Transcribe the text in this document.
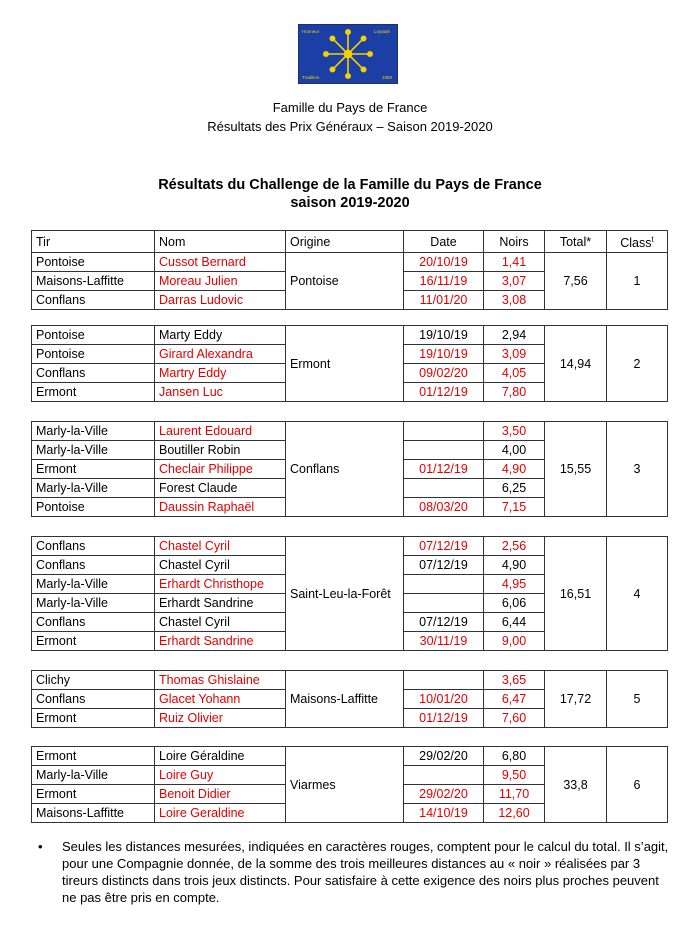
Honneur	Loyauté
Tradition	1959
Famille du Pays de France
Résultats des Prix Généraux – Saison 2019-2020
Résultats du Challenge de la Famille du Pays de France
saison 2019-2020
Tir	Nom	Origine	Date	Noirs	Total*	Class$^t$
Pontoise	Cussot Bernard	Pontoise	20/10/19	1,41	7,56	1
Maisons-Laffitte	Moreau Julien		16/11/19	3,07		
Conflans	Darras Ludovic		11/01/20	3,08		
Pontoise	Marty Eddy	Ermont	19/10/19	2,94	14,94	2
Pontoise	Girard Alexandra		19/10/19	3,09		
Conflans	Martry Eddy		09/02/20	4,05		
Ermont	Jansen Luc		01/12/19	7,80		
Marly-la-Ville	Laurent Edouard	Conflans		3,50	15,55	3
Marly-la-Ville	Boutiller Robin			4,00		
Ermont	Checlair Philippe		01/12/19	4,90		
Marly-la-Ville	Forest Claude			6,25		
Pontoise	Daussin Raphaël		08/03/20	7,15		
Conflans	Chastel Cyril	Saint-Leu-la-Forêt	07/12/19	2,56	16,51	4
Conflans	Chastel Cyril		07/12/19	4,90		
Marly-la-Ville	Erhardt Christhope			4,95		
Marly-la-Ville	Erhardt Sandrine			6,06		
Conflans	Chastel Cyril		07/12/19	6,44		
Ermont	Erhardt Sandrine		30/11/19	9,00		
Clichy	Thomas Ghislaine	Maisons-Laffitte		3,65	17,72	5
Conflans	Glacet Yohann		10/01/20	6,47		
Ermont	Ruiz Olivier		01/12/19	7,60		
Ermont	Loire Géraldine	Viarmes	29/02/20	6,80	33,8	6
Marly-la-Ville	Loire Guy			9,50		
Ermont	Benoit Didier		29/02/20	11,70		
Maisons-Laffitte	Loire Geraldine		14/10/19	12,60		
• Seules les distances mesurées, indiquées en caractères rouges, comptent pour le calcul du total. Il s’agit, pour une Compagnie donnée, de la somme des trois meilleures distances au « noir » réalisées par 3 tireurs distincts dans trois jeux distincts. Pour satisfaire à cette exigence des noirs plus proches peuvent ne pas être pris en compte.
